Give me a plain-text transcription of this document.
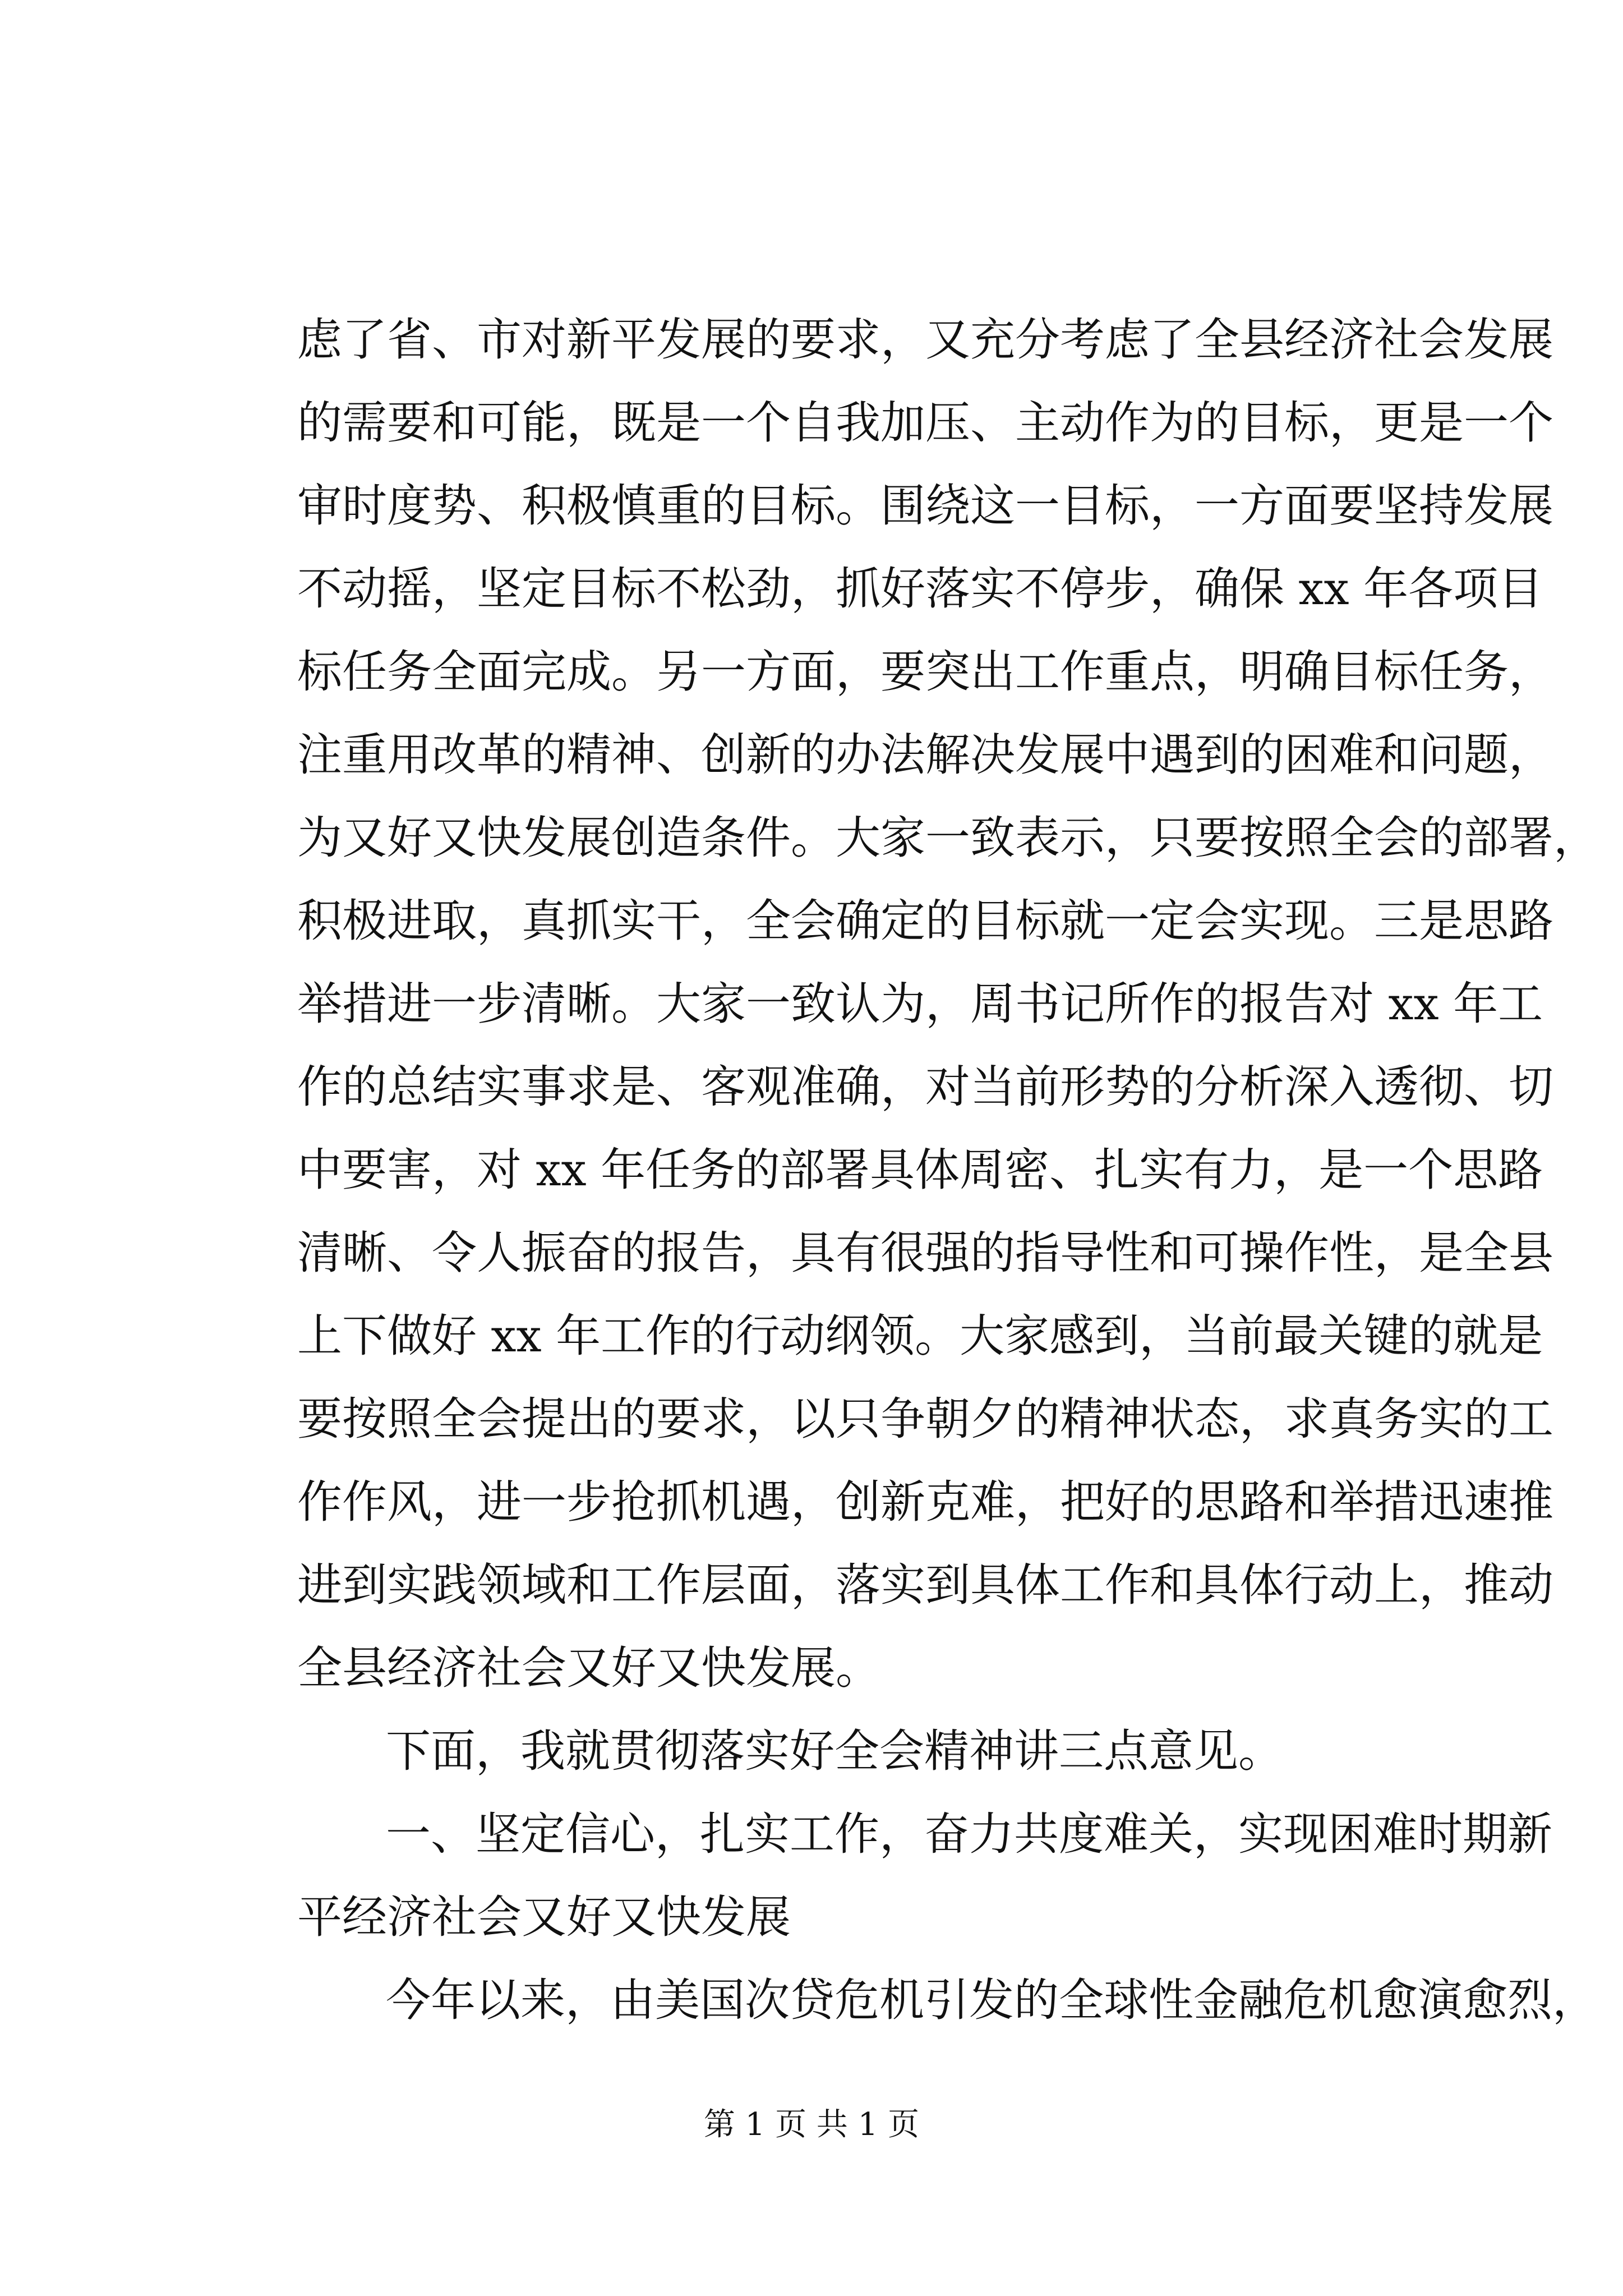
虑了省、市对新平发展的要求，又充分考虑了全县经济社会发展
的需要和可能，既是一个自我加压、主动作为的目标，更是一个
审时度势、积极慎重的目标。围绕这一目标，一方面要坚持发展
不动摇，坚定目标不松劲，抓好落实不停步，确保 xx 年各项目
标任务全面完成。另一方面，要突出工作重点，明确目标任务，
注重用改革的精神、创新的办法解决发展中遇到的困难和问题，
为又好又快发展创造条件。大家一致表示，只要按照全会的部署，
积极进取，真抓实干，全会确定的目标就一定会实现。三是思路
举措进一步清晰。大家一致认为，周书记所作的报告对 xx 年工
作的总结实事求是、客观准确，对当前形势的分析深入透彻、切
中要害，对 xx 年任务的部署具体周密、扎实有力，是一个思路
清晰、令人振奋的报告，具有很强的指导性和可操作性，是全县
上下做好 xx 年工作的行动纲领。大家感到，当前最关键的就是
要按照全会提出的要求，以只争朝夕的精神状态，求真务实的工
作作风，进一步抢抓机遇，创新克难，把好的思路和举措迅速推
进到实践领域和工作层面，落实到具体工作和具体行动上，推动
全县经济社会又好又快发展。
下面，我就贯彻落实好全会精神讲三点意见。
一、坚定信心，扎实工作，奋力共度难关，实现困难时期新
平经济社会又好又快发展
今年以来，由美国次贷危机引发的全球性金融危机愈演愈烈，
第 1 页 共 1 页
